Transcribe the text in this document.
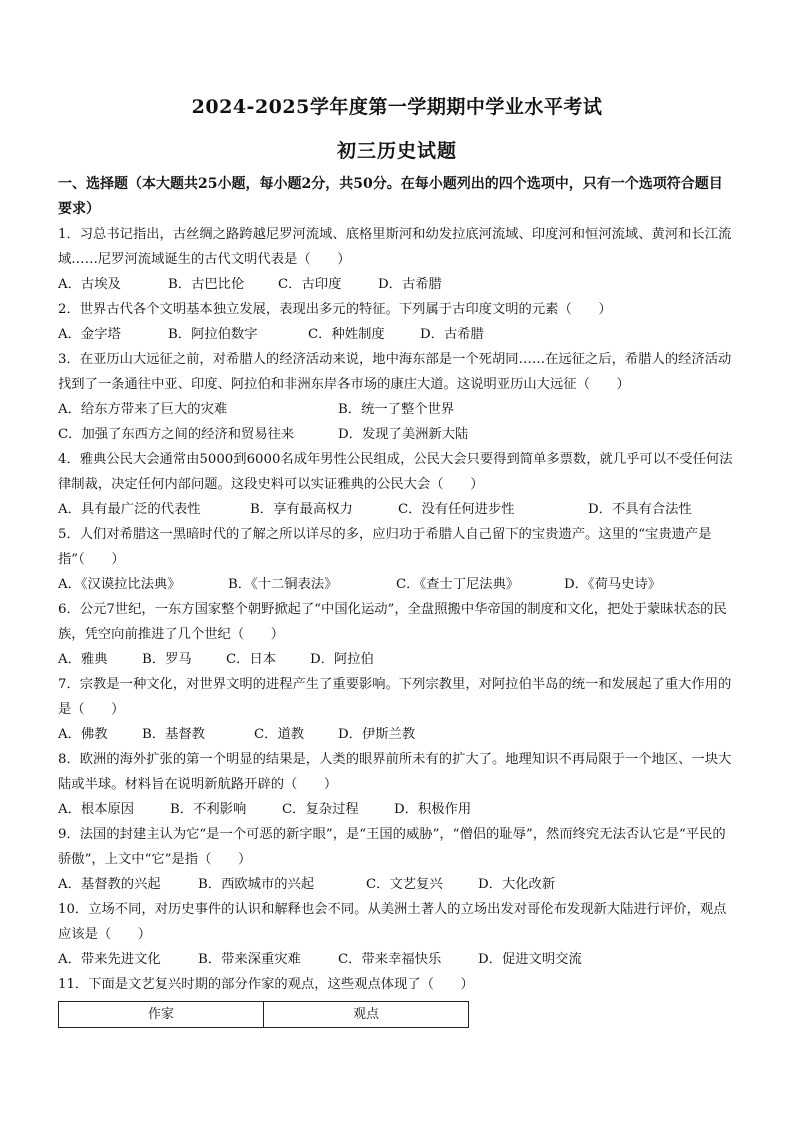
2024-2025学年度第一学期期中学业水平考试
初三历史试题
一、选择题（本大题共25小题，每小题2分，共50分。在每小题列出的四个选项中，只有一个选项符合题目要求）

1．习总书记指出，古丝绸之路跨越尼罗河流域、底格里斯河和幼发拉底河流域、印度河和恒河流域、黄河和长江流域……尼罗河流域诞生的古代文明代表是（　　）

A．古埃及	B．古巴比伦	C．古印度	D．古希腊

2．世界古代各个文明基本独立发展，表现出多元的特征。下列属于古印度文明的元素（　　）

A．金字塔	B．阿拉伯数字	C．种姓制度	D．古希腊

3．在亚历山大远征之前，对希腊人的经济活动来说，地中海东部是一个死胡同……在远征之后，希腊人的经济活动找到了一条通往中亚、印度、阿拉伯和非洲东岸各市场的康庄大道。这说明亚历山大远征（　　）

A．给东方带来了巨大的灾难	B．统一了整个世界
C．加强了东西方之间的经济和贸易往来	D．发现了美洲新大陆

4．雅典公民大会通常由5000到6000名成年男性公民组成，公民大会只要得到简单多票数，就几乎可以不受任何法律制裁，决定任何内部问题。这段史料可以实证雅典的公民大会（　　）

A．具有最广泛的代表性	B．享有最高权力	C．没有任何进步性	D．不具有合法性

5．人们对希腊这一黑暗时代的了解之所以详尽的多，应归功于希腊人自己留下的宝贵遗产。这里的“宝贵遗产是指”（　　）

A．《汉谟拉比法典》	B．《十二铜表法》	C．《查士丁尼法典》	D．《荷马史诗》

6．公元7世纪，一东方国家整个朝野掀起了“中国化运动”，全盘照搬中华帝国的制度和文化，把处于蒙昧状态的民族，凭空向前推进了几个世纪（　　）

A．雅典	B．罗马	C．日本	D．阿拉伯

7．宗教是一种文化，对世界文明的进程产生了重要影响。下列宗教里，对阿拉伯半岛的统一和发展起了重大作用的是（　　）

A．佛教	B．基督教	C．道教	D．伊斯兰教

8．欧洲的海外扩张的第一个明显的结果是，人类的眼界前所未有的扩大了。地理知识不再局限于一个地区、一块大陆或半球。材料旨在说明新航路开辟的（　　）

A．根本原因	B．不利影响	C．复杂过程	D．积极作用

9．法国的封建主认为它“是一个可恶的新字眼”，是“王国的威胁”，“僧侣的耻辱”，然而终究无法否认它是“平民的骄傲”，上文中“它”是指（　　）

A．基督教的兴起	B．西欧城市的兴起	C．文艺复兴	D．大化改新

10．立场不同，对历史事件的认识和解释也会不同。从美洲土著人的立场出发对哥伦布发现新大陆进行评价，观点应该是（　　）

A．带来先进文化	B．带来深重灾难	C．带来幸福快乐	D．促进文明交流

11．下面是文艺复兴时期的部分作家的观点，这些观点体现了（　　）

作家	观点
